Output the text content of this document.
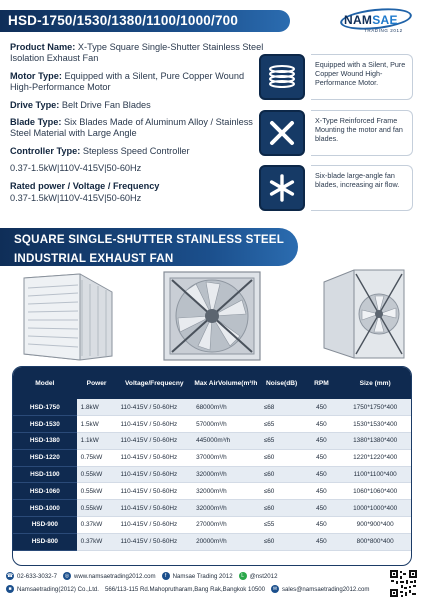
HSD-1750/1530/1380/1100/1000/700	NAMSAE
TRADING 2012
Product Name: X-Type Square Single-Shutter Stainless Steel Isolation Exhaust Fan
Motor Type: Equipped with a Silent, Pure Copper Wound High-Performance Motor
Drive Type: Belt Drive Fan Blades
Blade Type: Six Blades Made of Aluminum Alloy / Stainless Steel Material with Large Angle
Controller Type: Stepless Speed Controller
0.37-1.5kW|110V-415V|50-60Hz
Rated power / Voltage / Frequency
0.37-1.5kW|110V-415V|50-60Hz
Equipped with a Silent, Pure Copper Wound High-Performance Motor.
X-Type Reinforced Frame Mounting the motor and fan blades.
Six-blade large-angle fan blades, increasing air flow.
SQUARE SINGLE-SHUTTER STAINLESS STEEL
INDUSTRIAL EXHAUST FAN
Model	Power	Voltage/Frequecny	Max AirVolume(m³/h	Noise(dB)	RPM	Size (mm)
HSD-1750	1.8kW	110-415V / 50-60Hz	68000m³/h	≤68	450	1750*1750*400
HSD-1530	1.5kW	110-415V / 50-60Hz	57000m³/h	≤65	450	1530*1530*400
HSD-1380	1.1kW	110-415V / 50-60Hz	445000m³/h	≤65	450	1380*1380*400
HSD-1220	0.75kW	110-415V / 50-60Hz	37000m³/h	≤60	450	1220*1220*400
HSD-1100	0.55kW	110-415V / 50-60Hz	32000m³/h	≤60	450	1100*1100*400
HSD-1060	0.55kW	110-415V / 50-60Hz	32000m³/h	≤60	450	1060*1060*400
HSD-1000	0.55kW	110-415V / 50-60Hz	32000m³/h	≤60	450	1000*1000*400
HSD-900	0.37kW	110-415V / 50-60Hz	27000m³/h	≤55	450	900*900*400
HSD-800	0.37kW	110-415V / 50-60Hz	20000m³/h	≤60	450	800*800*400
☎ 02-633-3032-7	◎ www.namsaetrading2012.com	f	Namsae Trading 2012	L @nst2012
■ Namsaetrading(2012) Co.,Ltd. 566/113-115 Rd.Mahoprutharam,Bang Rak,Bangkok 10500	✉ sales@namsaetrading2012.com
